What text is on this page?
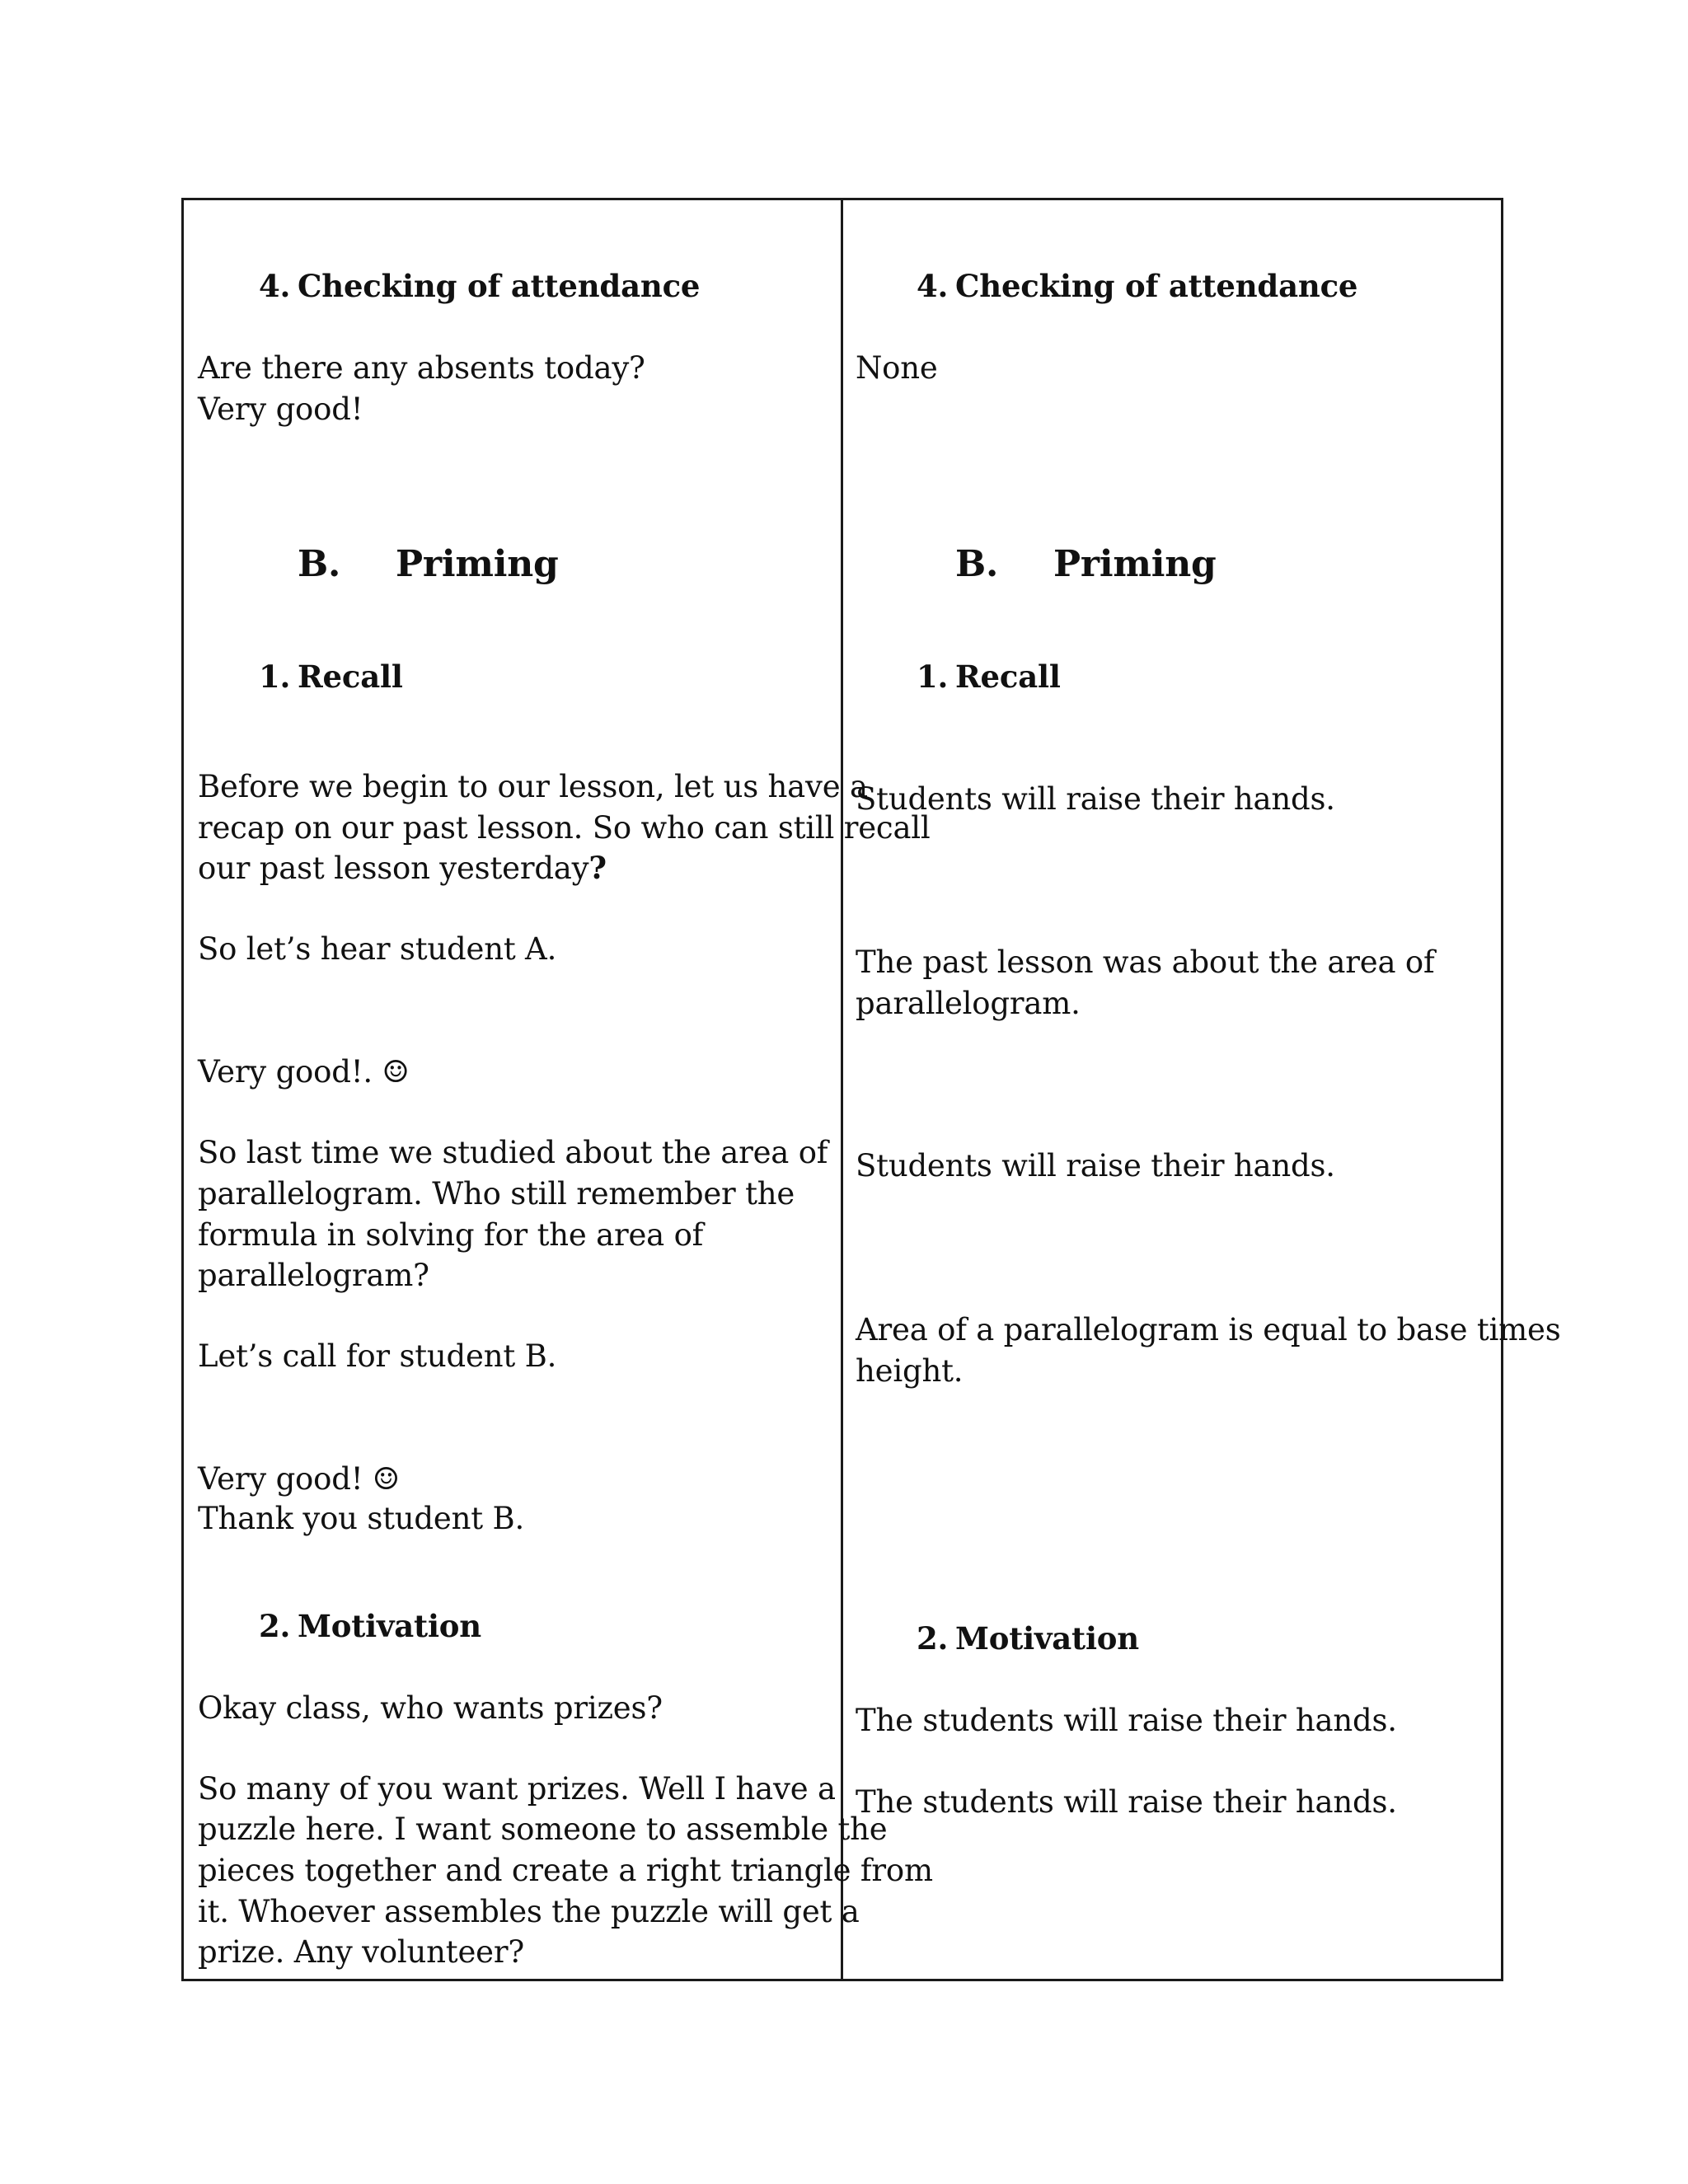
4. Checking of attendance
Are there any absents today?
Very good!
B. Priming
1. Recall
Before we begin to our lesson, let us have a
recap on our past lesson. So who can still recall
our past lesson yesterday?
So let’s hear student A.
Very good!. ☺
So last time we studied about the area of
parallelogram. Who still remember the
formula in solving for the area of
parallelogram?
Let’s call for student B.
Very good! ☺
Thank you student B.
2. Motivation
Okay class, who wants prizes?
So many of you want prizes. Well I have a
puzzle here. I want someone to assemble the
pieces together and create a right triangle from
it. Whoever assembles the puzzle will get a
prize. Any volunteer?
4. Checking of attendance
None
B. Priming
1. Recall
Students will raise their hands.
The past lesson was about the area of
parallelogram.
Students will raise their hands.
Area of a parallelogram is equal to base times
height.
2. Motivation
The students will raise their hands.
The students will raise their hands.
